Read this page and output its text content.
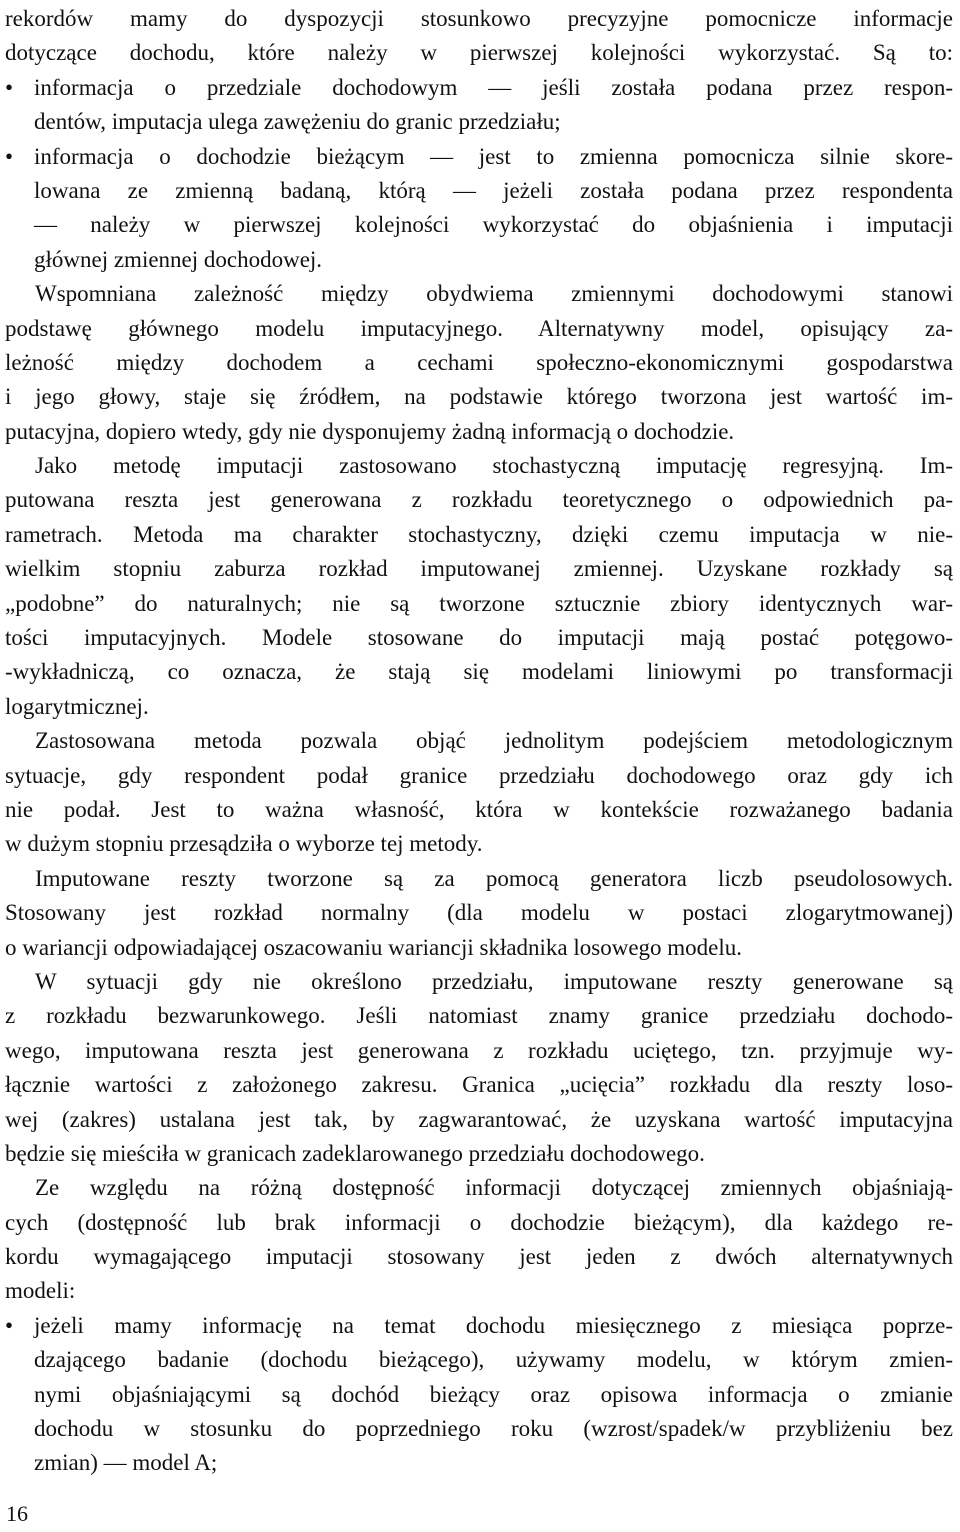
rekordów mamy do dyspozycji stosunkowo precyzyjne pomocnicze informacje
dotyczące dochodu, które należy w pierwszej kolejności wykorzystać. Są to:
• informacja o przedziale dochodowym — jeśli została podana przez respon-
dentów, imputacja ulega zawężeniu do granic przedziału;
• informacja o dochodzie bieżącym — jest to zmienna pomocnicza silnie skore-
lowana ze zmienną badaną, którą — jeżeli została podana przez respondenta
— należy w pierwszej kolejności wykorzystać do objaśnienia i imputacji
głównej zmiennej dochodowej.
Wspomniana zależność między obydwiema zmiennymi dochodowymi stanowi
podstawę głównego modelu imputacyjnego. Alternatywny model, opisujący za-
leżność między dochodem a cechami społeczno-ekonomicznymi gospodarstwa
i jego głowy, staje się źródłem, na podstawie którego tworzona jest wartość im-
putacyjna, dopiero wtedy, gdy nie dysponujemy żadną informacją o dochodzie.
Jako metodę imputacji zastosowano stochastyczną imputację regresyjną. Im-
putowana reszta jest generowana z rozkładu teoretycznego o odpowiednich pa-
rametrach. Metoda ma charakter stochastyczny, dzięki czemu imputacja w nie-
wielkim stopniu zaburza rozkład imputowanej zmiennej. Uzyskane rozkłady są
„podobne” do naturalnych; nie są tworzone sztucznie zbiory identycznych war-
tości imputacyjnych. Modele stosowane do imputacji mają postać potęgowo-
-wykładniczą, co oznacza, że stają się modelami liniowymi po transformacji
logarytmicznej.
Zastosowana metoda pozwala objąć jednolitym podejściem metodologicznym
sytuacje, gdy respondent podał granice przedziału dochodowego oraz gdy ich
nie podał. Jest to ważna własność, która w kontekście rozważanego badania
w dużym stopniu przesądziła o wyborze tej metody.
Imputowane reszty tworzone są za pomocą generatora liczb pseudolosowych.
Stosowany jest rozkład normalny (dla modelu w postaci zlogarytmowanej)
o wariancji odpowiadającej oszacowaniu wariancji składnika losowego modelu.
W sytuacji gdy nie określono przedziału, imputowane reszty generowane są
z rozkładu bezwarunkowego. Jeśli natomiast znamy granice przedziału dochodo-
wego, imputowana reszta jest generowana z rozkładu uciętego, tzn. przyjmuje wy-
łącznie wartości z założonego zakresu. Granica „ucięcia” rozkładu dla reszty loso-
wej (zakres) ustalana jest tak, by zagwarantować, że uzyskana wartość imputacyjna
będzie się mieściła w granicach zadeklarowanego przedziału dochodowego.
Ze względu na różną dostępność informacji dotyczącej zmiennych objaśniają-
cych (dostępność lub brak informacji o dochodzie bieżącym), dla każdego re-
kordu wymagającego imputacji stosowany jest jeden z dwóch alternatywnych
modeli:
• jeżeli mamy informację na temat dochodu miesięcznego z miesiąca poprze-
dzającego badanie (dochodu bieżącego), używamy modelu, w którym zmien-
nymi objaśniającymi są dochód bieżący oraz opisowa informacja o zmianie
dochodu w stosunku do poprzedniego roku (wzrost/spadek/w przybliżeniu bez
zmian) — model A;
16
